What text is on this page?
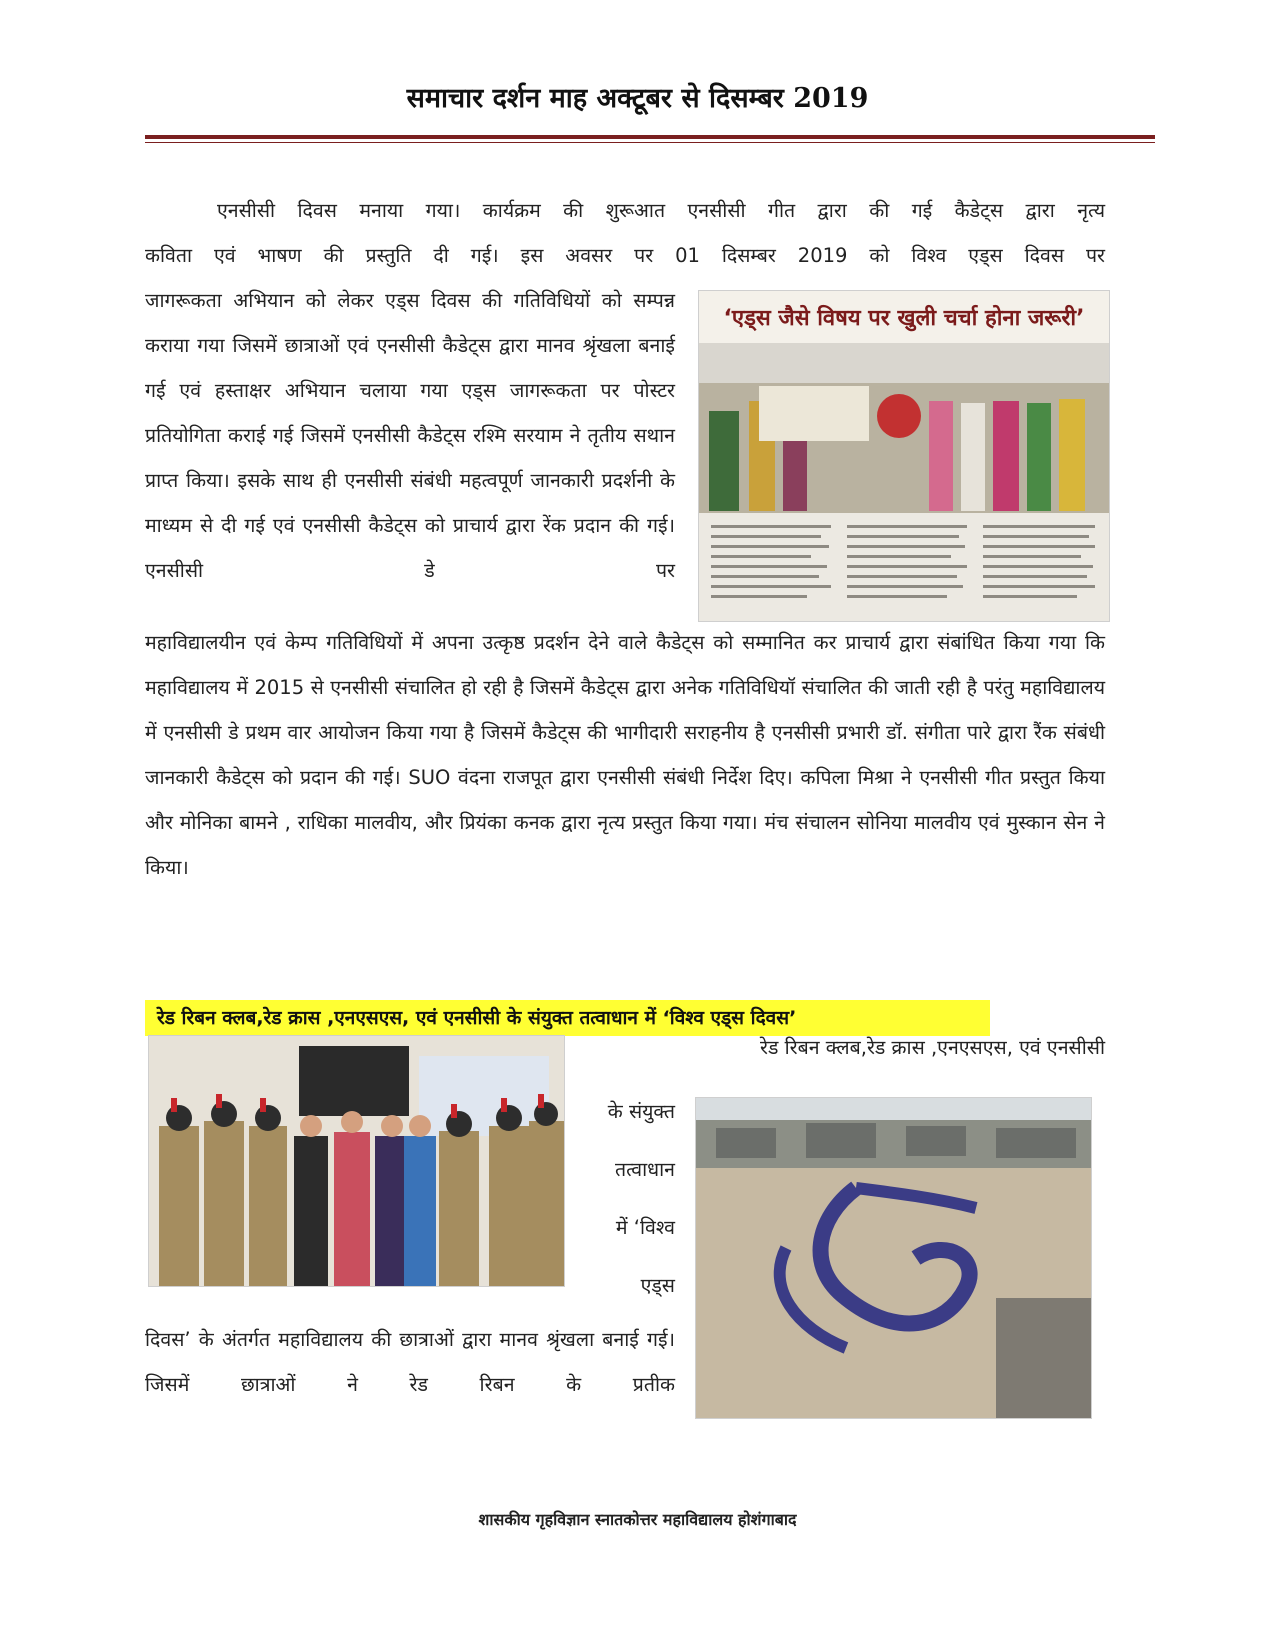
समाचार दर्शन माह अक्टूबर से दिसम्बर 2019

एनसीसी दिवस मनाया गया। कार्यक्रम की शुरूआत एनसीसी गीत द्वारा की गई कैडेट्स द्वारा नृत्य

कविता एवं भाषण की प्रस्तुति दी गई। इस अवसर पर 01 दिसम्बर 2019 को विश्व एड्स दिवस पर

जागरूकता अभियान को लेकर एड्स दिवस की गतिविधियों को सम्पन्न कराया गया जिसमें छात्राओं एवं एनसीसी कैडेट्स द्वारा मानव श्रृंखला बनाई गई एवं हस्ताक्षर अभियान चलाया गया एड्स जागरूकता पर पोस्टर प्रतियोगिता कराई गई जिसमें एनसीसी कैडेट्स रश्मि सरयाम ने तृतीय सथान प्राप्त किया। इसके साथ ही एनसीसी संबंधी महत्वपूर्ण जानकारी प्रदर्शनी के माध्यम से दी गई एवं एनसीसी कैडेट्स को प्राचार्य द्वारा रेंक प्रदान की गई। एनसीसी डे पर

‘एड्स जैसे विषय पर खुली चर्चा होना जरूरी’

महाविद्यालयीन एवं केम्प गतिविधियों में अपना उत्कृष्ठ प्रदर्शन देने वाले कैडेट्स को सम्मानित कर प्राचार्य द्वारा संबांधित किया गया कि महाविद्यालय में 2015 से एनसीसी संचालित हो रही है जिसमें कैडेट्स द्वारा अनेक गतिविधियॉ संचालित की जाती रही है परंतु महाविद्यालय में एनसीसी डे प्रथम वार आयोजन किया गया है जिसमें कैडेट्स की भागीदारी सराहनीय है एनसीसी प्रभारी डॉ. संगीता पारे द्वारा रैंक संबंधी जानकारी कैडेट्स को प्रदान की गई। SUO वंदना राजपूत द्वारा एनसीसी संबंधी निर्देश दिए। कपिला मिश्रा ने एनसीसी गीत प्रस्तुत किया और मोनिका बामने , राधिका मालवीय, और प्रियंका कनक द्वारा नृत्य प्रस्तुत किया गया। मंच संचालन सोनिया मालवीय एवं मुस्कान सेन ने किया।

रेड रिबन क्लब,रेड क्रास ,एनएसएस, एवं एनसीसी के संयुक्त तत्वाधान में ‘विश्व एड्स दिवस’

रेड रिबन क्लब,रेड क्रास ,एनएसएस, एवं एनसीसी

के संयुक्त
तत्वाधान
में ‘विश्व
एड्स

दिवस’ के अंतर्गत महाविद्यालय की छात्राओं द्वारा मानव श्रृंखला बनाई गई। जिसमें छात्राओं ने रेड रिबन के प्रतीक

शासकीय गृहविज्ञान स्नातकोत्तर महाविद्यालय होशंगाबाद
